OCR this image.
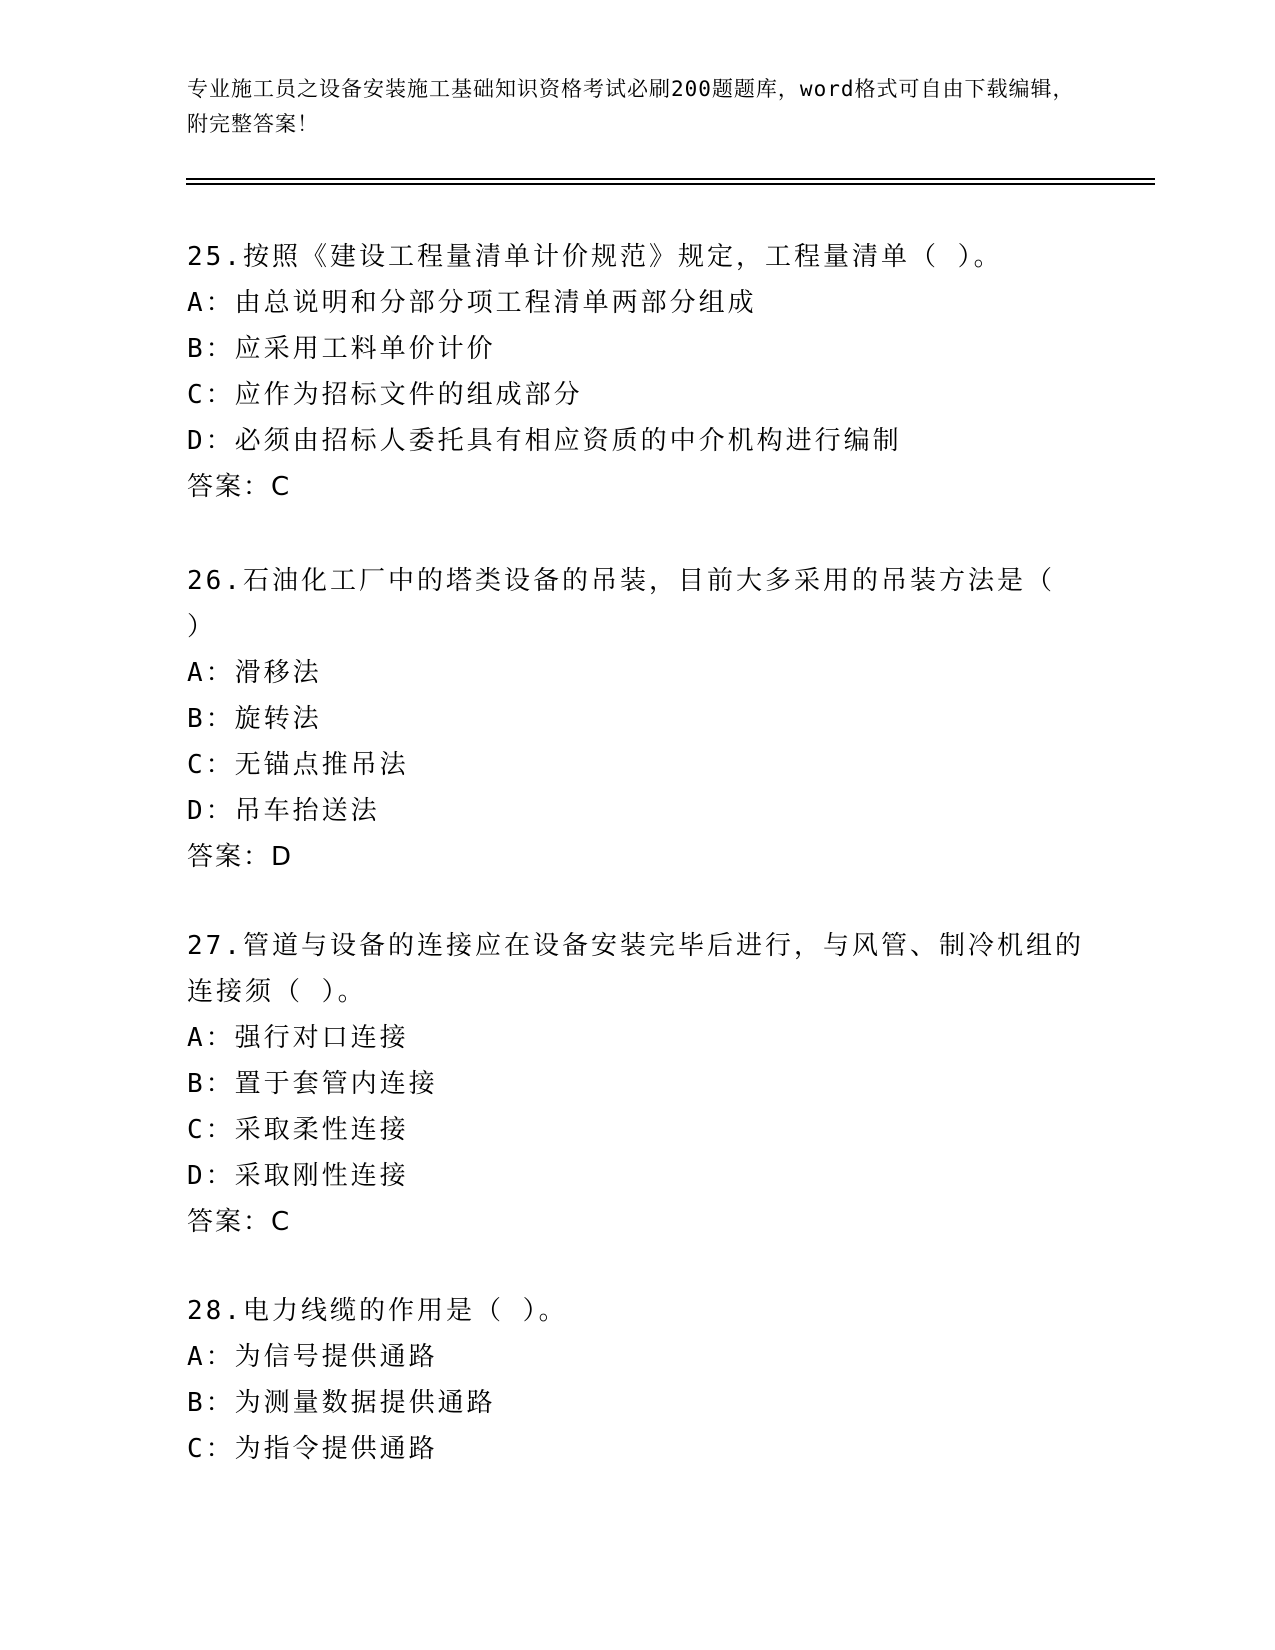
专业施工员之设备安装施工基础知识资格考试必刷200题题库，word格式可自由下载编辑，附完整答案！
25.按照《建设工程量清单计价规范》规定，工程量清单（ ）。
A：由总说明和分部分项工程清单两部分组成
B：应采用工料单价计价
C：应作为招标文件的组成部分
D：必须由招标人委托具有相应资质的中介机构进行编制
答案：C
26.石油化工厂中的塔类设备的吊装，目前大多采用的吊装方法是（ ）
A：滑移法
B：旋转法
C：无锚点推吊法
D：吊车抬送法
答案：D
27.管道与设备的连接应在设备安装完毕后进行，与风管、制冷机组的连接须（ ）。
A：强行对口连接
B：置于套管内连接
C：采取柔性连接
D：采取刚性连接
答案：C
28.电力线缆的作用是（ ）。
A：为信号提供通路
B：为测量数据提供通路
C：为指令提供通路
